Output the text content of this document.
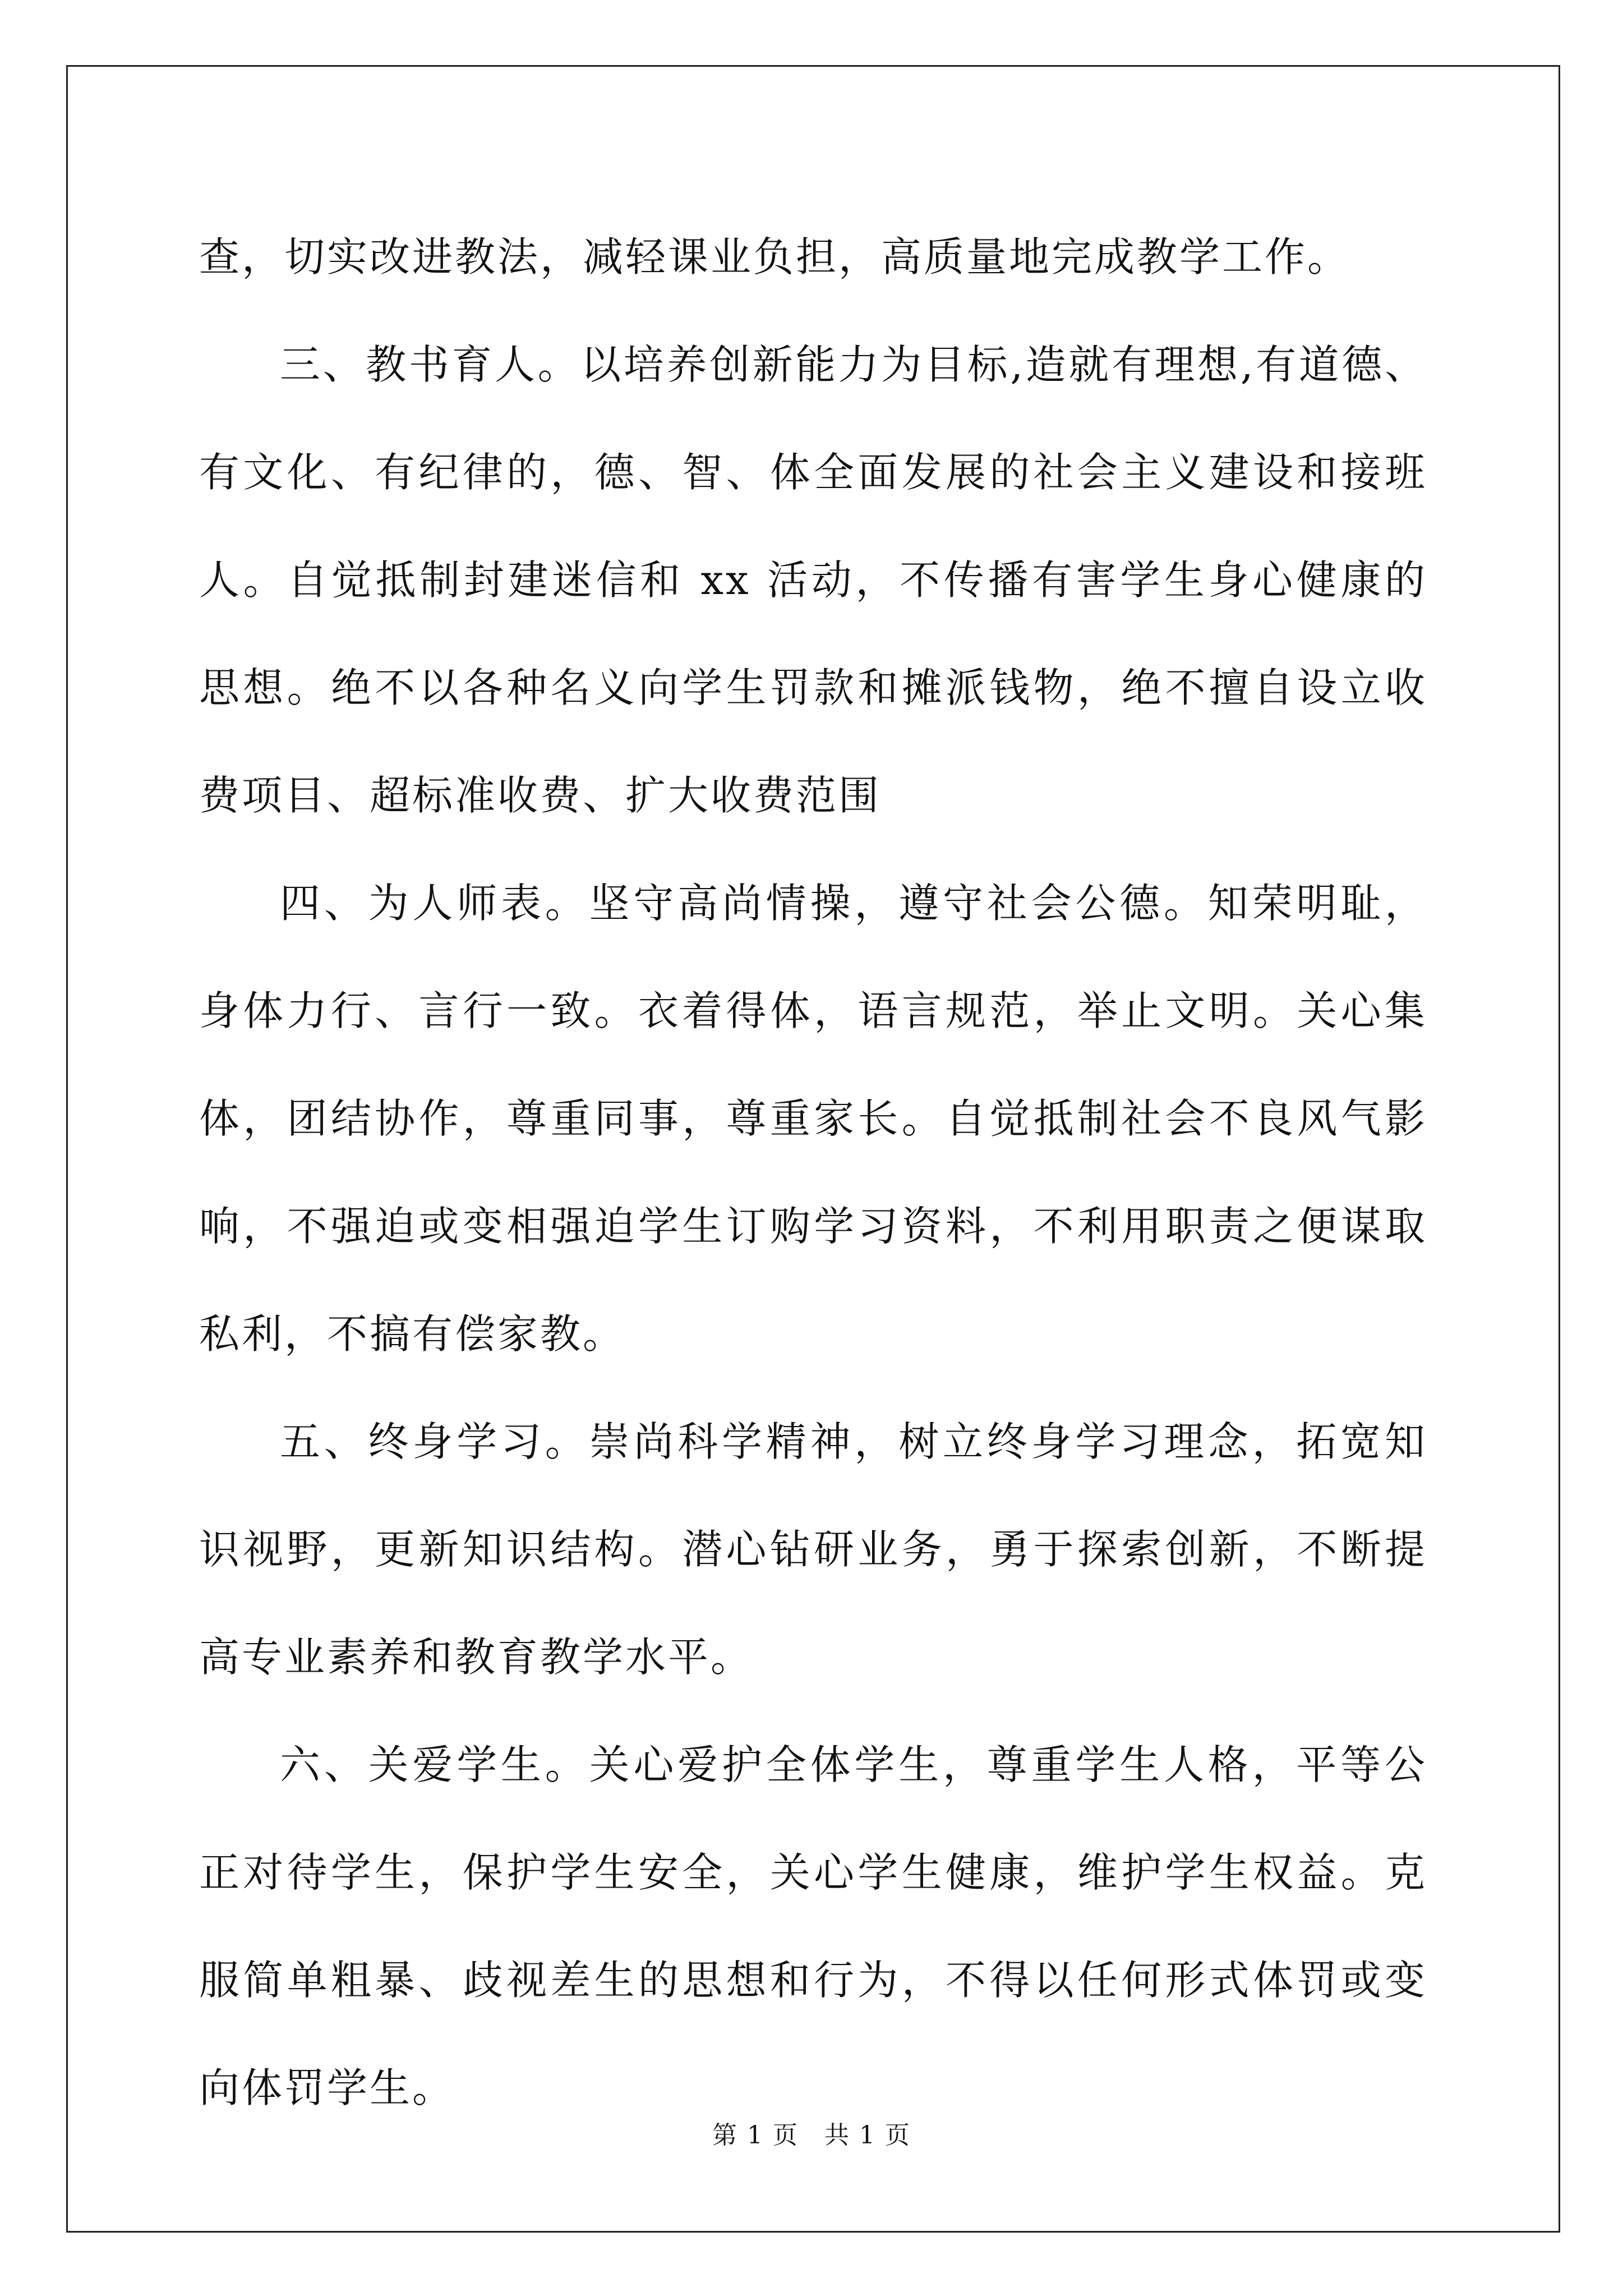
查，切实改进教法，减轻课业负担，高质量地完成教学工作。

三、教书育人。以培养创新能力为目标,造就有理想,有道德、有文化、有纪律的，德、智、体全面发展的社会主义建设和接班人。自觉抵制封建迷信和 xx 活动，不传播有害学生身心健康的思想。绝不以各种名义向学生罚款和摊派钱物，绝不擅自设立收费项目、超标准收费、扩大收费范围

四、为人师表。坚守高尚情操，遵守社会公德。知荣明耻，身体力行、言行一致。衣着得体，语言规范，举止文明。关心集体，团结协作，尊重同事，尊重家长。自觉抵制社会不良风气影响，不强迫或变相强迫学生订购学习资料，不利用职责之便谋取私利，不搞有偿家教。

五、终身学习。崇尚科学精神，树立终身学习理念，拓宽知识视野，更新知识结构。潜心钻研业务，勇于探索创新，不断提高专业素养和教育教学水平。

六、关爱学生。关心爱护全体学生，尊重学生人格，平等公正对待学生，保护学生安全，关心学生健康，维护学生权益。克服简单粗暴、歧视差生的思想和行为，不得以任何形式体罚或变向体罚学生。

第 1 页　共 1 页
